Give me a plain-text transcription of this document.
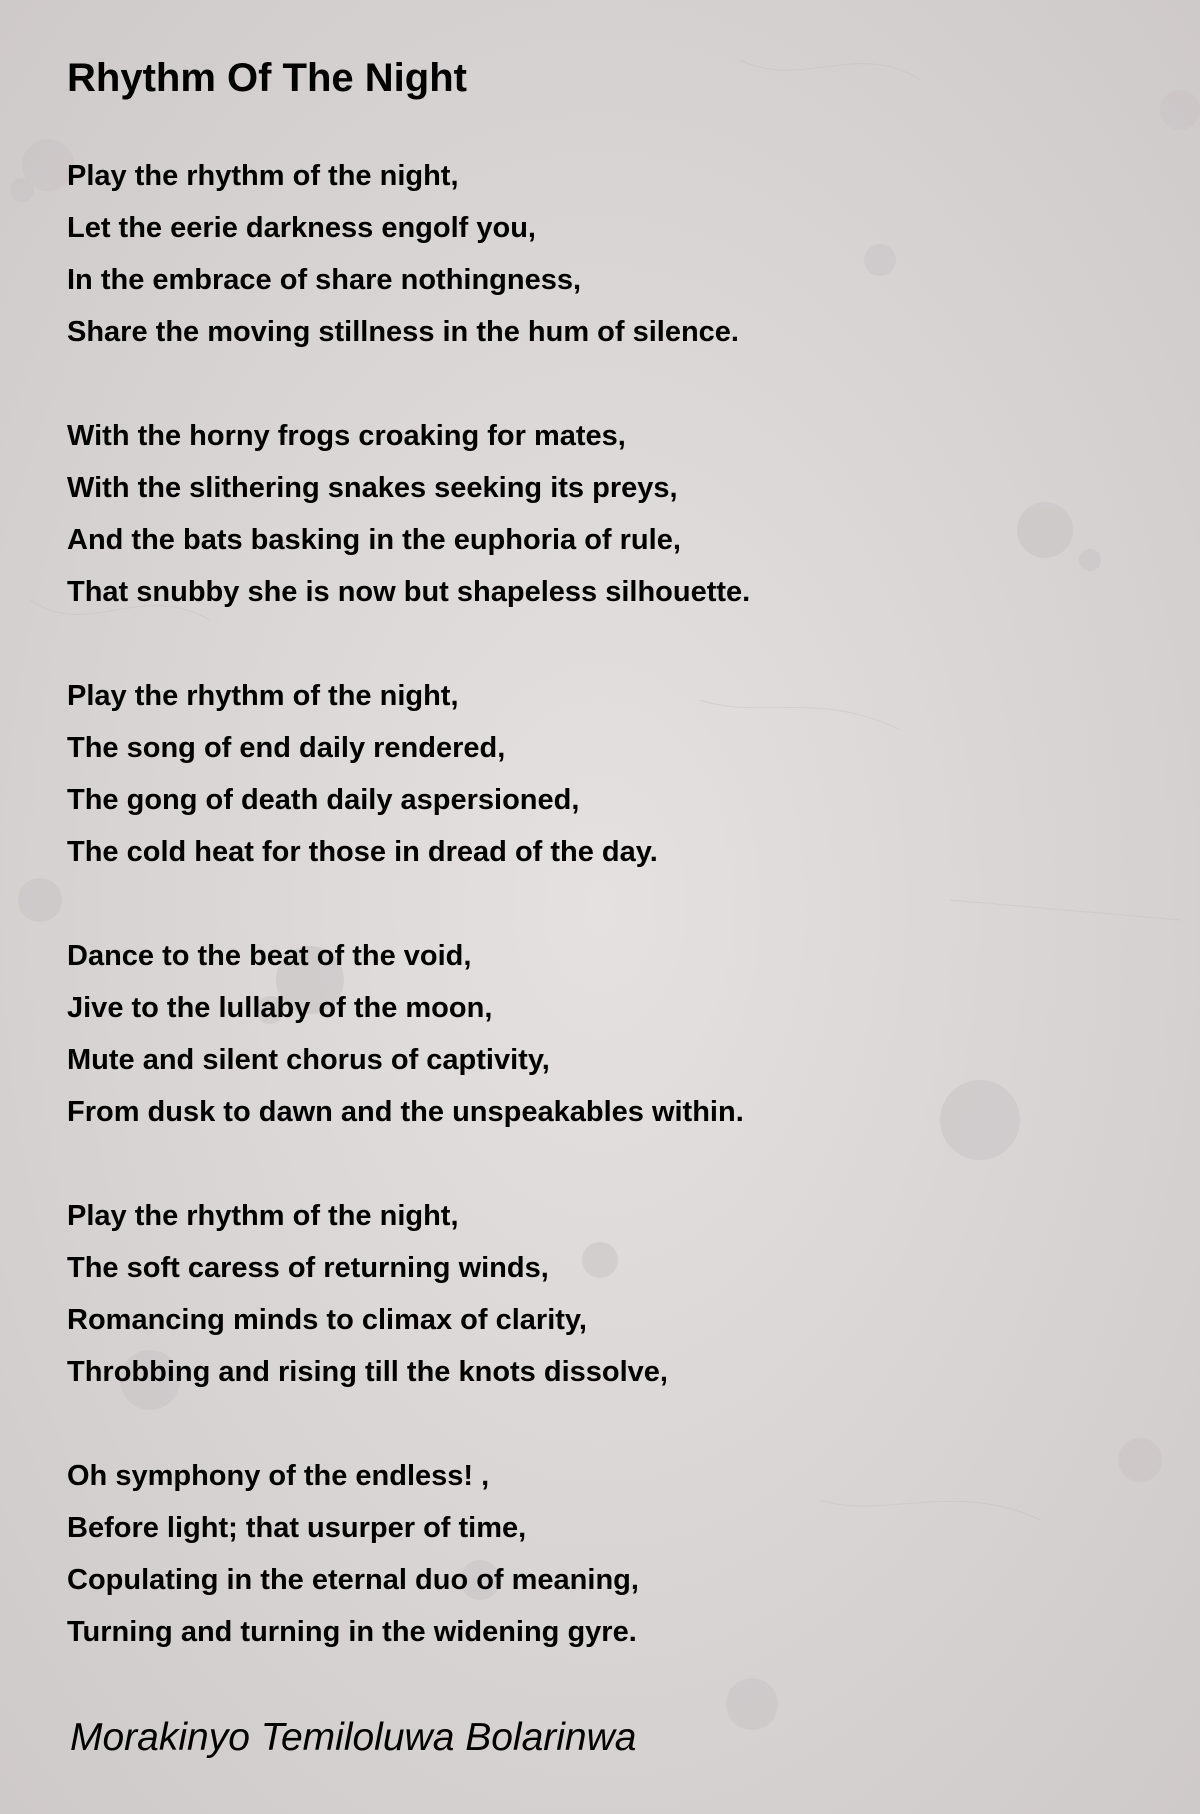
Rhythm Of The Night
Play the rhythm of the night,
Let the eerie darkness engolf you,
In the embrace of share nothingness,
Share the moving stillness in the hum of silence.
With the horny frogs croaking for mates,
With the slithering snakes seeking its preys,
And the bats basking in the euphoria of rule,
That snubby she is now but shapeless silhouette.
Play the rhythm of the night,
The song of end daily rendered,
The gong of death daily aspersioned,
The cold heat for those in dread of the day.
Dance to the beat of the void,
Jive to the lullaby of the moon,
Mute and silent chorus of captivity,
From dusk to dawn and the unspeakables within.
Play the rhythm of the night,
The soft caress of returning winds,
Romancing minds to climax of clarity,
Throbbing and rising till the knots dissolve,
Oh symphony of the endless! ,
Before light; that usurper of time,
Copulating in the eternal duo of meaning,
Turning and turning in the widening gyre.

Morakinyo Temiloluwa Bolarinwa
